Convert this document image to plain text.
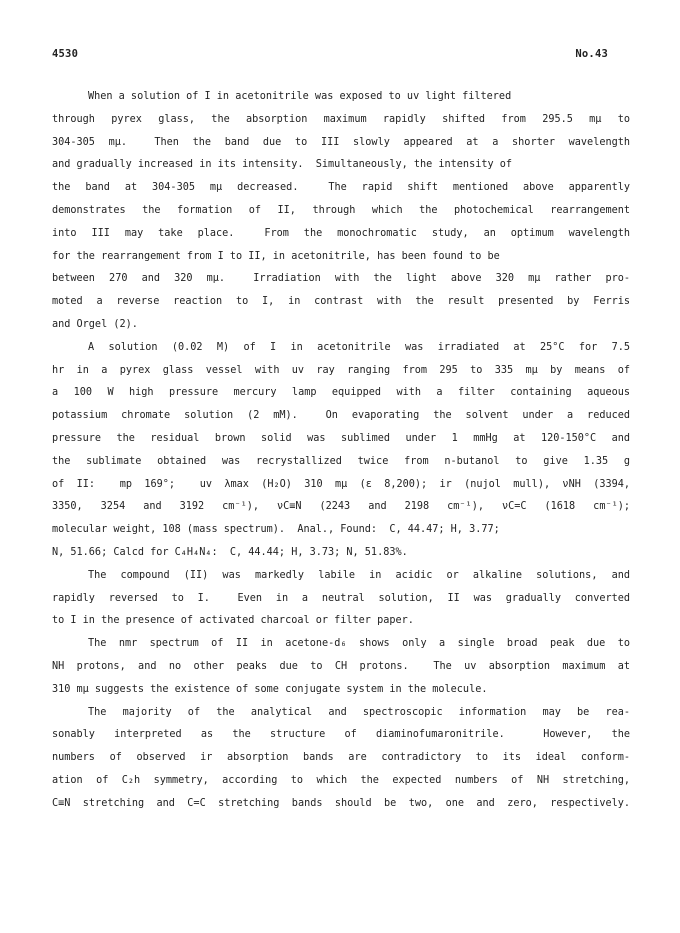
4530	No.43
When a solution of I in acetonitrile was exposed to uv light filtered
through pyrex glass, the absorption maximum rapidly shifted from 295.5 mμ to
304-305 mμ.  Then the band due to III slowly appeared at a shorter wavelength
and gradually increased in its intensity.  Simultaneously, the intensity of
the band at 304-305 mμ decreased.  The rapid shift mentioned above apparently
demonstrates the formation of II, through which the photochemical rearrangement
into III may take place.  From the monochromatic study, an optimum wavelength
for the rearrangement from I to II, in acetonitrile, has been found to be
between 270 and 320 mμ.  Irradiation with the light above 320 mμ rather pro-
moted a reverse reaction to I, in contrast with the result presented by Ferris
and Orgel (2).
A solution (0.02 M) of I in acetonitrile was irradiated at 25°C for 7.5
hr in a pyrex glass vessel with uv ray ranging from 295 to 335 mμ by means of
a 100 W high pressure mercury lamp equipped with a filter containing aqueous
potassium chromate solution (2 mM).  On evaporating the solvent under a reduced
pressure the residual brown solid was sublimed under 1 mmHg at 120-150°C and
the sublimate obtained was recrystallized twice from n-butanol to give 1.35 g
of II:  mp 169°;  uv λmax (H₂O) 310 mμ (ε 8,200); ir (nujol mull), νNH (3394,
3350, 3254 and 3192 cm⁻¹), νC≡N (2243 and 2198 cm⁻¹), νC=C (1618 cm⁻¹);
molecular weight, 108 (mass spectrum).  Anal., Found:  C, 44.47; H, 3.77;
N, 51.66; Calcd for C₄H₄N₄:  C, 44.44; H, 3.73; N, 51.83%.
The compound (II) was markedly labile in acidic or alkaline solutions, and
rapidly reversed to I.  Even in a neutral solution, II was gradually converted
to I in the presence of activated charcoal or filter paper.
The nmr spectrum of II in acetone-d₆ shows only a single broad peak due to
NH protons, and no other peaks due to CH protons.  The uv absorption maximum at
310 mμ suggests the existence of some conjugate system in the molecule.
The majority of the analytical and spectroscopic information may be rea-
sonably interpreted as the structure of diaminofumaronitrile.  However, the
numbers of observed ir absorption bands are contradictory to its ideal conform-
ation of C₂h symmetry, according to which the expected numbers of NH stretching,
C≡N stretching and C=C stretching bands should be two, one and zero, respectively.
